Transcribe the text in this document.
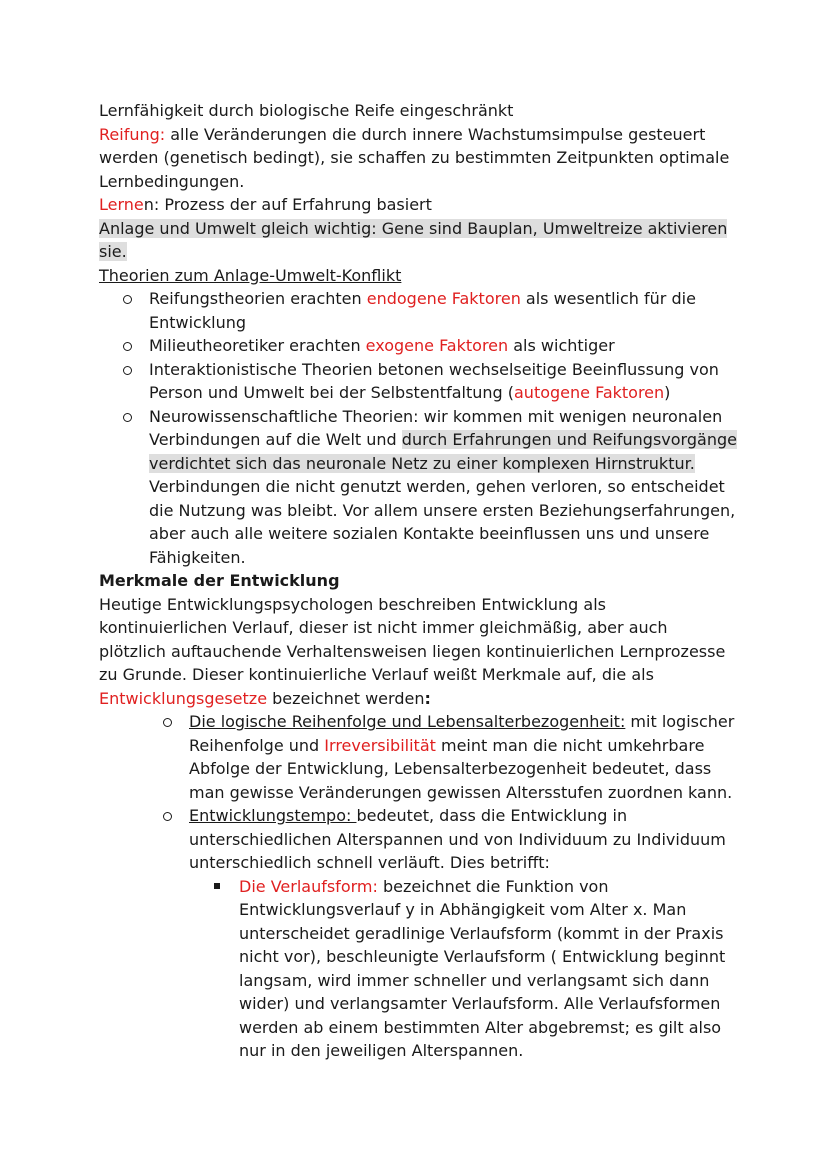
Lernfähigkeit durch biologische Reife eingeschränkt

Reifung: alle Veränderungen die durch innere Wachstumsimpulse gesteuert werden (genetisch bedingt), sie schaffen zu bestimmten Zeitpunkten optimale Lernbedingungen.

Lernen: Prozess der auf Erfahrung basiert

Anlage und Umwelt gleich wichtig: Gene sind Bauplan, Umweltreize aktivieren sie.

Theorien zum Anlage-Umwelt-Konflikt

Reifungstheorien erachten endogene Faktoren als wesentlich für die Entwicklung
Milieutheoretiker erachten exogene Faktoren als wichtiger
Interaktionistische Theorien betonen wechselseitige Beeinflussung von Person und Umwelt bei der Selbstentfaltung (autogene Faktoren)
Neurowissenschaftliche Theorien: wir kommen mit wenigen neuronalen Verbindungen auf die Welt und durch Erfahrungen und Reifungsvorgänge verdichtet sich das neuronale Netz zu einer komplexen Hirnstruktur. Verbindungen die nicht genutzt werden, gehen verloren, so entscheidet die Nutzung was bleibt. Vor allem unsere ersten Beziehungserfahrungen, aber auch alle weitere sozialen Kontakte beeinflussen uns und unsere Fähigkeiten.

Merkmale der Entwicklung

Heutige Entwicklungspsychologen beschreiben Entwicklung als kontinuierlichen Verlauf, dieser ist nicht immer gleichmäßig, aber auch plötzlich auftauchende Verhaltensweisen liegen kontinuierlichen Lernprozesse zu Grunde. Dieser kontinuierliche Verlauf weißt Merkmale auf, die als Entwicklungsgesetze bezeichnet werden:

Die logische Reihenfolge und Lebensalterbezogenheit: mit logischer Reihenfolge und Irreversibilität meint man die nicht umkehrbare Abfolge der Entwicklung, Lebensalterbezogenheit bedeutet, dass man gewisse Veränderungen gewissen Altersstufen zuordnen kann.
Entwicklungstempo: bedeutet, dass die Entwicklung in unterschiedlichen Alterspannen und von Individuum zu Individuum unterschiedlich schnell verläuft. Dies betrifft:
Die Verlaufsform: bezeichnet die Funktion von Entwicklungsverlauf y in Abhängigkeit vom Alter x. Man unterscheidet geradlinige Verlaufsform (kommt in der Praxis nicht vor), beschleunigte Verlaufsform ( Entwicklung beginnt langsam, wird immer schneller und verlangsamt sich dann wider) und verlangsamter Verlaufsform. Alle Verlaufsformen werden ab einem bestimmten Alter abgebremst; es gilt also nur in den jeweiligen Alterspannen.
